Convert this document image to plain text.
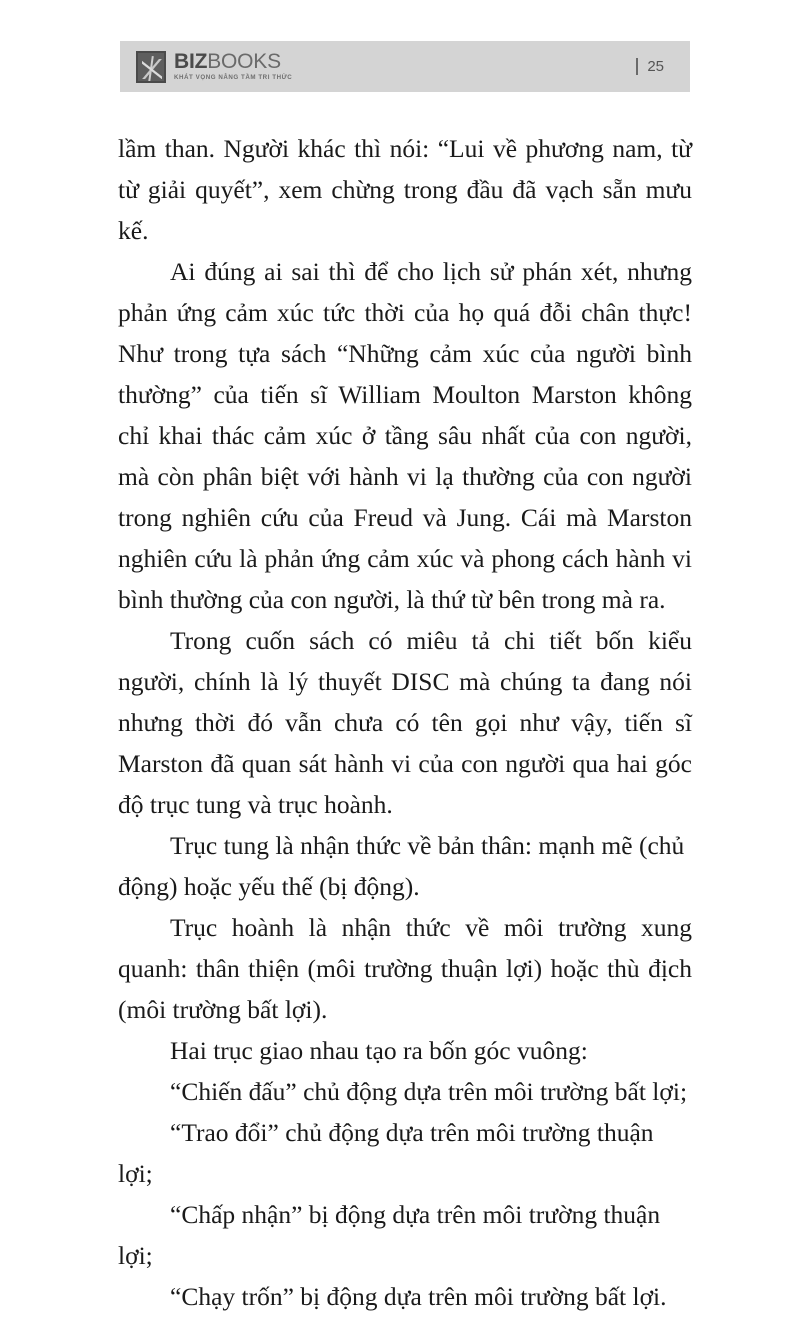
BIZBOOKS
KHÁT VỌNG NÂNG TẦM TRI THỨC
25

lầm than. Người khác thì nói: “Lui về phương nam, từ từ giải quyết”, xem chừng trong đầu đã vạch sẵn mưu kế.

Ai đúng ai sai thì để cho lịch sử phán xét, nhưng phản ứng cảm xúc tức thời của họ quá đỗi chân thực! Như trong tựa sách “Những cảm xúc của người bình thường” của tiến sĩ William Moulton Marston không chỉ khai thác cảm xúc ở tầng sâu nhất của con người, mà còn phân biệt với hành vi lạ thường của con người trong nghiên cứu của Freud và Jung. Cái mà Marston nghiên cứu là phản ứng cảm xúc và phong cách hành vi bình thường của con người, là thứ từ bên trong mà ra.

Trong cuốn sách có miêu tả chi tiết bốn kiểu người, chính là lý thuyết DISC mà chúng ta đang nói nhưng thời đó vẫn chưa có tên gọi như vậy, tiến sĩ Marston đã quan sát hành vi của con người qua hai góc độ trục tung và trục hoành.

Trục tung là nhận thức về bản thân: mạnh mẽ (chủ động) hoặc yếu thế (bị động).

Trục hoành là nhận thức về môi trường xung quanh: thân thiện (môi trường thuận lợi) hoặc thù địch (môi trường bất lợi).

Hai trục giao nhau tạo ra bốn góc vuông:

“Chiến đấu” chủ động dựa trên môi trường bất lợi;

“Trao đổi” chủ động dựa trên môi trường thuận lợi;

“Chấp nhận” bị động dựa trên môi trường thuận lợi;

“Chạy trốn” bị động dựa trên môi trường bất lợi.
